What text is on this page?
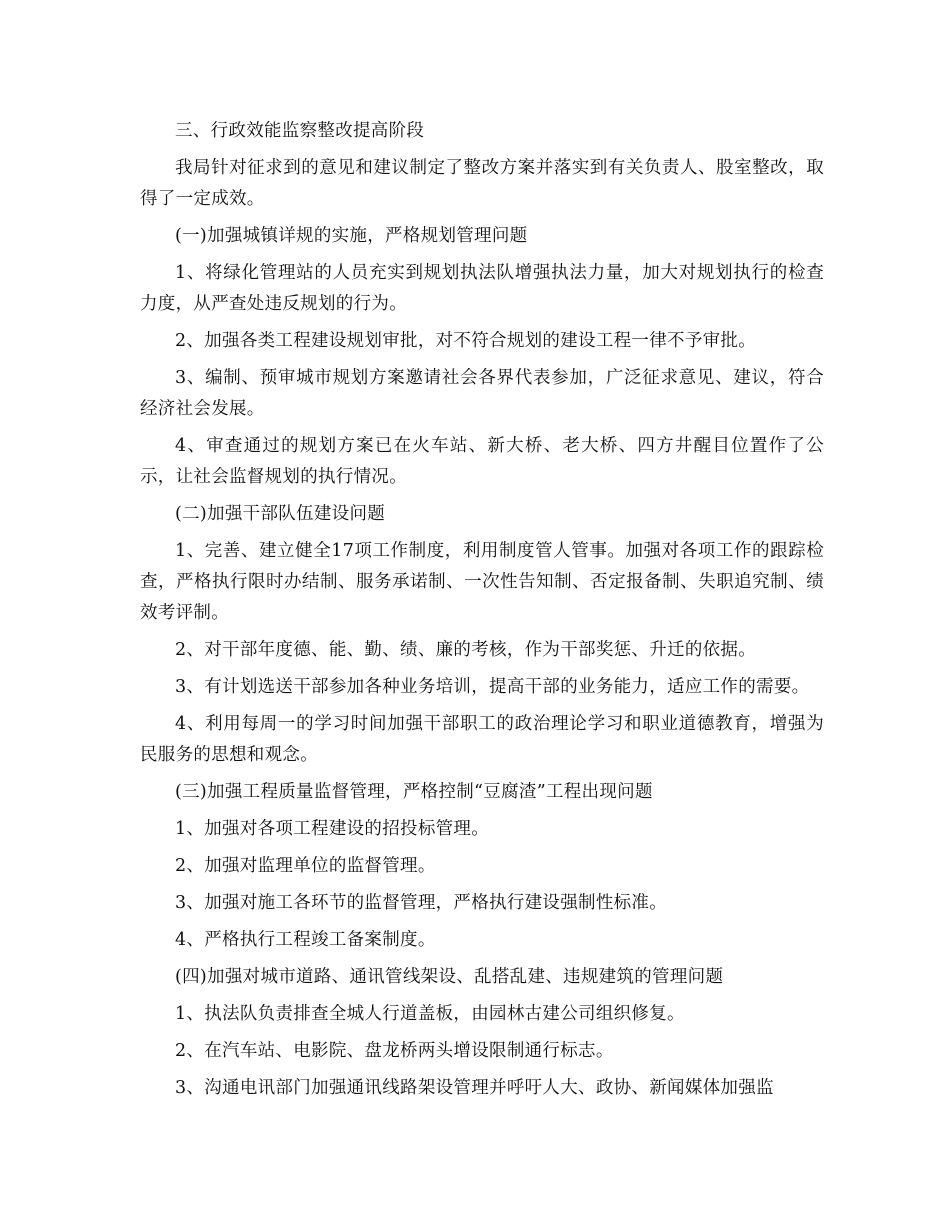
三、行政效能监察整改提高阶段

我局针对征求到的意见和建议制定了整改方案并落实到有关负责人、股室整改，取得了一定成效。

(一)加强城镇详规的实施，严格规划管理问题

1、将绿化管理站的人员充实到规划执法队增强执法力量，加大对规划执行的检查力度，从严查处违反规划的行为。

2、加强各类工程建设规划审批，对不符合规划的建设工程一律不予审批。

3、编制、预审城市规划方案邀请社会各界代表参加，广泛征求意见、建议，符合经济社会发展。

4、审查通过的规划方案已在火车站、新大桥、老大桥、四方井醒目位置作了公示，让社会监督规划的执行情况。

(二)加强干部队伍建设问题

1、完善、建立健全17项工作制度，利用制度管人管事。加强对各项工作的跟踪检查，严格执行限时办结制、服务承诺制、一次性告知制、否定报备制、失职追究制、绩效考评制。

2、对干部年度德、能、勤、绩、廉的考核，作为干部奖惩、升迁的依据。

3、有计划选送干部参加各种业务培训，提高干部的业务能力，适应工作的需要。

4、利用每周一的学习时间加强干部职工的政治理论学习和职业道德教育，增强为民服务的思想和观念。

(三)加强工程质量监督管理，严格控制“豆腐渣”工程出现问题

1、加强对各项工程建设的招投标管理。

2、加强对监理单位的监督管理。

3、加强对施工各环节的监督管理，严格执行建设强制性标准。

4、严格执行工程竣工备案制度。

(四)加强对城市道路、通讯管线架设、乱搭乱建、违规建筑的管理问题

1、执法队负责排查全城人行道盖板，由园林古建公司组织修复。

2、在汽车站、电影院、盘龙桥两头增设限制通行标志。

3、沟通电讯部门加强通讯线路架设管理并呼吁人大、政协、新闻媒体加强监
